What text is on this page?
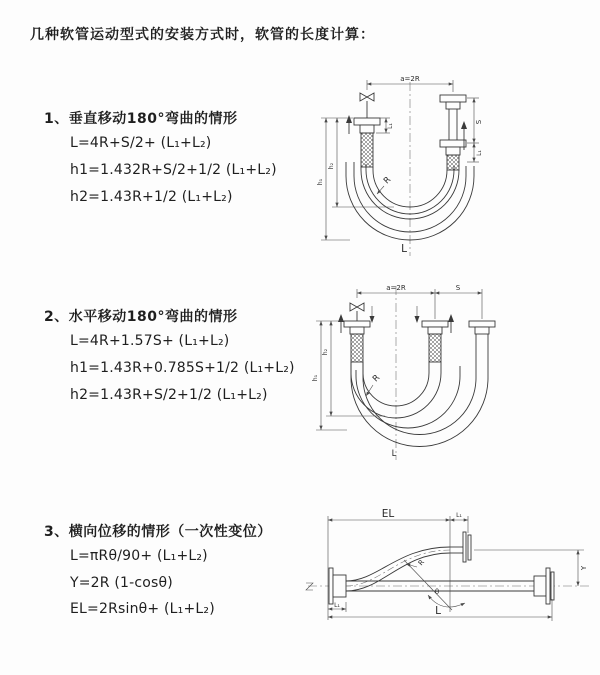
几种软管运动型式的安装方式时，软管的长度计算：
1、垂直移动180°弯曲的情形
L=4R+S/2+ (L₁+L₂)
h1=1.432R+S/2+1/2 (L₁+L₂)
h2=1.43R+1/2 (L₁+L₂)
a=2R
S
L₁
h₁
h₂
L₁
R
L
2、水平移动180°弯曲的情形
L=4R+1.57S+ (L₁+L₂)
h1=1.43R+0.785S+1/2 (L₁+L₂)
h2=1.43R+S/2+1/2 (L₁+L₂)
a=2R	S
h₁
h₂
R
L
3、横向位移的情形（一次性变位）
L=πRθ/90+ (L₁+L₂)
Y=2R (1-cosθ)
EL=2Rsinθ+ (L₁+L₂)
EL	L₁
L₁
Y
L
R
θ
